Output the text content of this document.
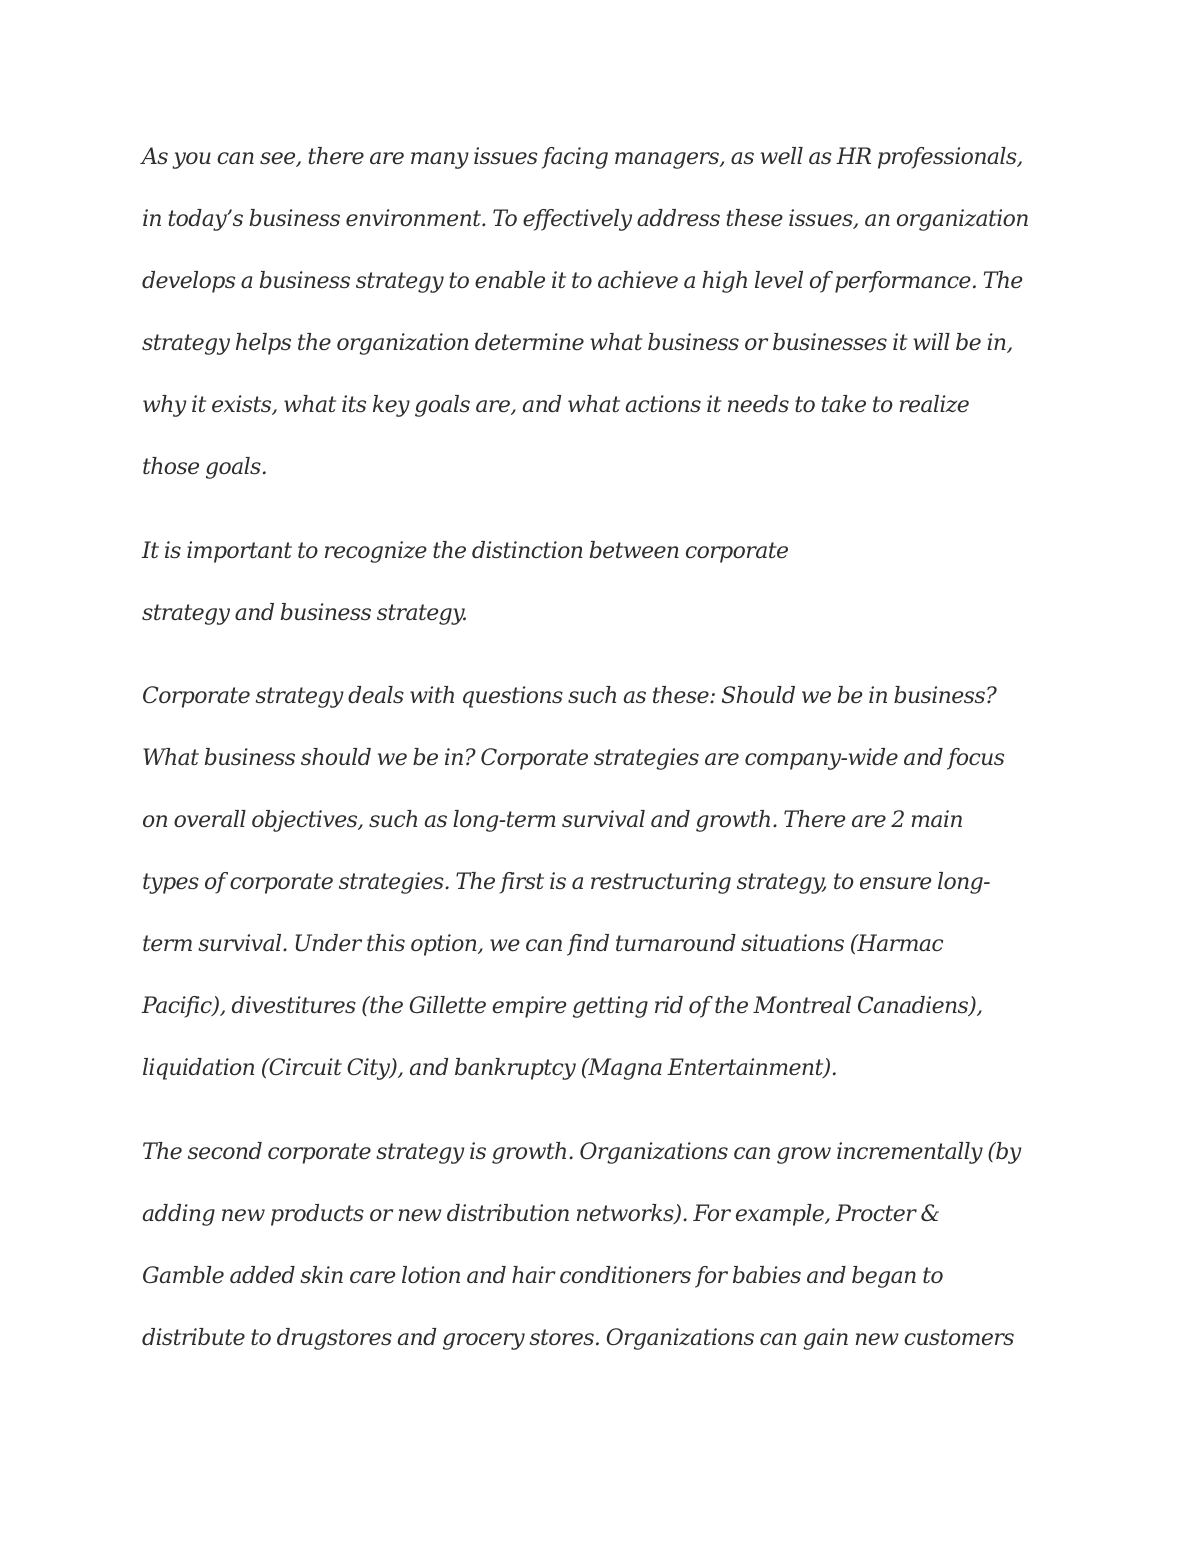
As you can see, there are many issues facing managers, as well as HR professionals,
in today’s business environment. To effectively address these issues, an organization
develops a business strategy to enable it to achieve a high level of performance. The
strategy helps the organization determine what business or businesses it will be in,
why it exists, what its key goals are, and what actions it needs to take to realize
those goals.
It is important to recognize the distinction between corporate
strategy and business strategy.
Corporate strategy deals with questions such as these: Should we be in business?
What business should we be in? Corporate strategies are company-wide and focus
on overall objectives, such as long-term survival and growth. There are 2 main
types of corporate strategies. The first is a restructuring strategy, to ensure long-
term survival. Under this option, we can find turnaround situations (Harmac
Pacific), divestitures (the Gillette empire getting rid of the Montreal Canadiens),
liquidation (Circuit City), and bankruptcy (Magna Entertainment).
The second corporate strategy is growth. Organizations can grow incrementally (by
adding new products or new distribution networks). For example, Procter &
Gamble added skin care lotion and hair conditioners for babies and began to
distribute to drugstores and grocery stores. Organizations can gain new customers
